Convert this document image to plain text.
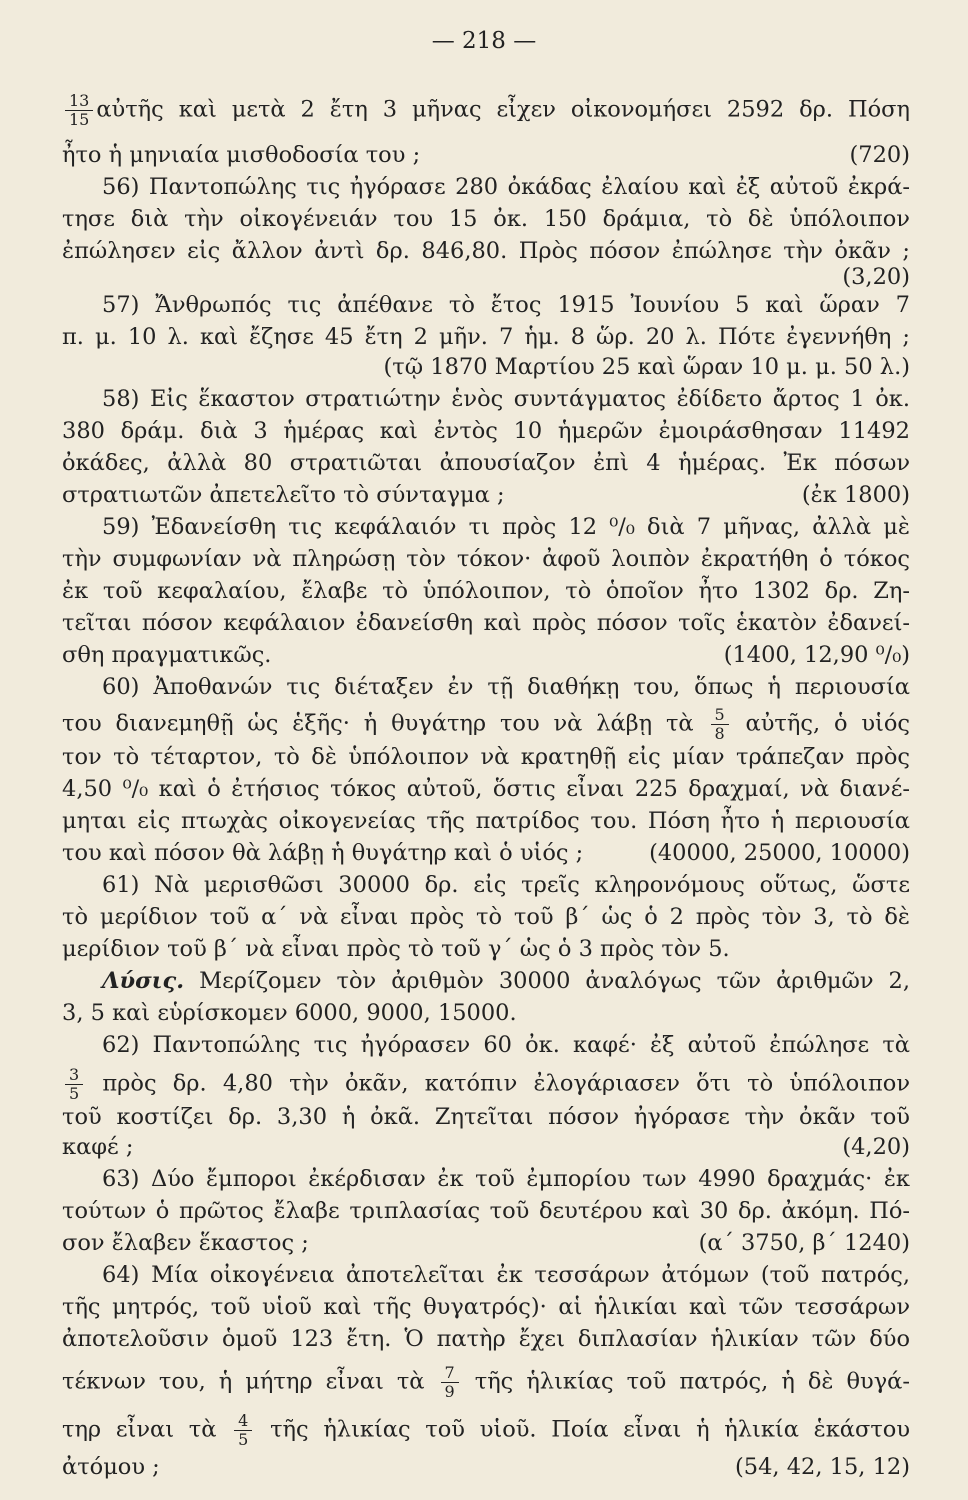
— 218 —
$\frac{13}{15}$ αὐτῆς καὶ μετὰ 2 ἔτη 3 μῆνας εἶχεν οἰκονομήσει 2592 δρ. Πόση
ἦτο ἡ μηνιαία μισθοδοσία του ;	(720)
56) Παντοπώλης τις ἠγόρασε 280 ὀκάδας ἐλαίου καὶ ἐξ αὐτοῦ ἐκρά-
τησε διὰ τὴν οἰκογένειάν του 15 ὀκ. 150 δράμια, τὸ δὲ ὑπόλοιπον
ἐπώλησεν εἰς ἄλλον ἀντὶ δρ. 846,80. Πρὸς πόσον ἐπώλησε τὴν ὀκᾶν ;
(3,20)
57) Ἄνθρωπός τις ἀπέθανε τὸ ἔτος 1915 Ἰουνίου 5 καὶ ὥραν 7
π. μ. 10 λ. καὶ ἔζησε 45 ἔτη 2 μῆν. 7 ἡμ. 8 ὥρ. 20 λ. Πότε ἐγεννήθη ;
(τῷ 1870 Μαρτίου 25 καὶ ὥραν 10 μ. μ. 50 λ.)
58) Εἰς ἕκαστον στρατιώτην ἑνὸς συντάγματος ἐδίδετο ἄρτος 1 ὀκ.
380 δράμ. διὰ 3 ἡμέρας καὶ ἐντὸς 10 ἡμερῶν ἐμοιράσθησαν 11492
ὀκάδες, ἀλλὰ 80 στρατιῶται ἀπουσίαζον ἐπὶ 4 ἡμέρας. Ἐκ πόσων
στρατιωτῶν ἀπετελεῖτο τὸ σύνταγμα ;	(ἐκ 1800)
59) Ἐδανείσθη τις κεφάλαιόν τι πρὸς 12 ⁰/₀ διὰ 7 μῆνας, ἀλλὰ μὲ
τὴν συμφωνίαν νὰ πληρώσῃ τὸν τόκον· ἀφοῦ λοιπὸν ἐκρατήθη ὁ τόκος
ἐκ τοῦ κεφαλαίου, ἔλαβε τὸ ὑπόλοιπον, τὸ ὁποῖον ἦτο 1302 δρ. Ζη-
τεῖται πόσον κεφάλαιον ἐδανείσθη καὶ πρὸς πόσον τοῖς ἑκατὸν ἐδανεί-
σθη πραγματικῶς.	(1400, 12,90 ⁰/₀)
60) Ἀποθανών τις διέταξεν ἐν τῇ διαθήκῃ του, ὅπως ἡ περιουσία
του διανεμηθῇ ὡς ἑξῆς· ἡ θυγάτηρ του νὰ λάβῃ τὰ $\frac{5}{8}$ αὐτῆς, ὁ υἱός
τον τὸ τέταρτον, τὸ δὲ ὑπόλοιπον νὰ κρατηθῇ εἰς μίαν τράπεζαν πρὸς
4,50 ⁰/₀ καὶ ὁ ἐτήσιος τόκος αὐτοῦ, ὅστις εἶναι 225 δραχμαί, νὰ διανέ-
μηται εἰς πτωχὰς οἰκογενείας τῆς πατρίδος του. Πόση ἦτο ἡ περιουσία
του καὶ πόσον θὰ λάβῃ ἡ θυγάτηρ καὶ ὁ υἱός ;	(40000, 25000, 10000)
61) Νὰ μερισθῶσι 30000 δρ. εἰς τρεῖς κληρονόμους οὕτως, ὥστε
τὸ μερίδιον τοῦ α΄ νὰ εἶναι πρὸς τὸ τοῦ β΄ ὡς ὁ 2 πρὸς τὸν 3, τὸ δὲ
μερίδιον τοῦ β΄ νὰ εἶναι πρὸς τὸ τοῦ γ΄ ὡς ὁ 3 πρὸς τὸν 5.
Λύσις. Μερίζομεν τὸν ἀριθμὸν 30000 ἀναλόγως τῶν ἀριθμῶν 2,
3, 5 καὶ εὑρίσκομεν 6000, 9000, 15000.
62) Παντοπώλης τις ἠγόρασεν 60 ὀκ. καφέ· ἐξ αὐτοῦ ἐπώλησε τὰ
$\frac{3}{5}$ πρὸς δρ. 4,80 τὴν ὀκᾶν, κατόπιν ἐλογάριασεν ὅτι τὸ ὑπόλοιπον
τοῦ κοστίζει δρ. 3,30 ἡ ὀκᾶ. Ζητεῖται πόσον ἠγόρασε τὴν ὀκᾶν τοῦ
καφέ ;	(4,20)
63) Δύο ἔμποροι ἐκέρδισαν ἐκ τοῦ ἐμπορίου των 4990 δραχμάς· ἐκ
τούτων ὁ πρῶτος ἔλαβε τριπλασίας τοῦ δευτέρου καὶ 30 δρ. ἀκόμη. Πό-
σον ἔλαβεν ἕκαστος ;	(α΄ 3750, β΄ 1240)
64) Μία οἰκογένεια ἀποτελεῖται ἐκ τεσσάρων ἀτόμων (τοῦ πατρός,
τῆς μητρός, τοῦ υἱοῦ καὶ τῆς θυγατρός)· αἱ ἡλικίαι καὶ τῶν τεσσάρων
ἀποτελοῦσιν ὁμοῦ 123 ἔτη. Ὁ πατὴρ ἔχει διπλασίαν ἡλικίαν τῶν δύο
τέκνων του, ἡ μήτηρ εἶναι τὰ $\frac{7}{9}$ τῆς ἡλικίας τοῦ πατρός, ἡ δὲ θυγά-
τηρ εἶναι τὰ $\frac{4}{5}$ τῆς ἡλικίας τοῦ υἱοῦ. Ποία εἶναι ἡ ἡλικία ἑκάστου
ἀτόμου ;	(54, 42, 15, 12)
